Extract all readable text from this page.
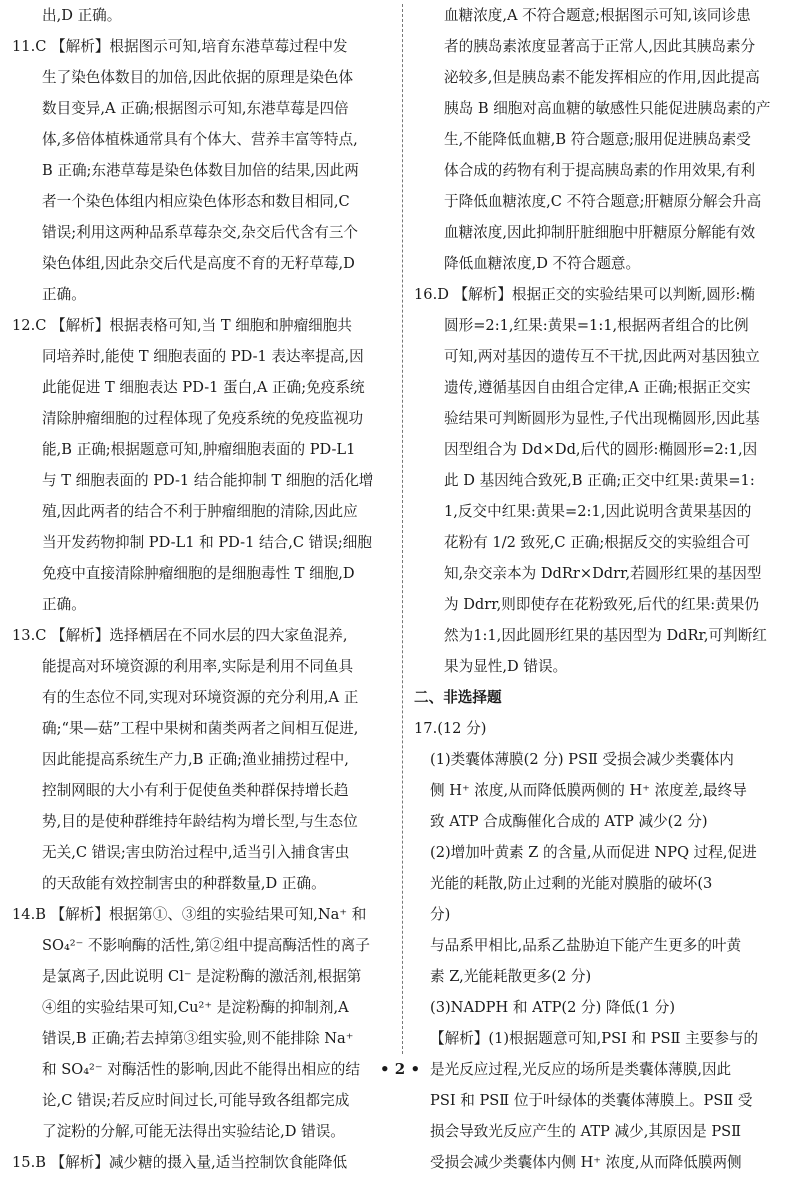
出,D 正确。
11.C 【解析】根据图示可知,培育东港草莓过程中发
生了染色体数目的加倍,因此依据的原理是染色体
数目变异,A 正确;根据图示可知,东港草莓是四倍
体,多倍体植株通常具有个体大、营养丰富等特点,
B 正确;东港草莓是染色体数目加倍的结果,因此两
者一个染色体组内相应染色体形态和数目相同,C
错误;利用这两种品系草莓杂交,杂交后代含有三个
染色体组,因此杂交后代是高度不育的无籽草莓,D
正确。
12.C 【解析】根据表格可知,当 T 细胞和肿瘤细胞共
同培养时,能使 T 细胞表面的 PD-1 表达率提高,因
此能促进 T 细胞表达 PD-1 蛋白,A 正确;免疫系统
清除肿瘤细胞的过程体现了免疫系统的免疫监视功
能,B 正确;根据题意可知,肿瘤细胞表面的 PD-L1
与 T 细胞表面的 PD-1 结合能抑制 T 细胞的活化增
殖,因此两者的结合不利于肿瘤细胞的清除,因此应
当开发药物抑制 PD-L1 和 PD-1 结合,C 错误;细胞
免疫中直接清除肿瘤细胞的是细胞毒性 T 细胞,D
正确。
13.C 【解析】选择栖居在不同水层的四大家鱼混养,
能提高对环境资源的利用率,实际是利用不同鱼具
有的生态位不同,实现对环境资源的充分利用,A 正
确;“果—菇”工程中果树和菌类两者之间相互促进,
因此能提高系统生产力,B 正确;渔业捕捞过程中,
控制网眼的大小有利于促使鱼类种群保持增长趋
势,目的是使种群维持年龄结构为增长型,与生态位
无关,C 错误;害虫防治过程中,适当引入捕食害虫
的天敌能有效控制害虫的种群数量,D 正确。
14.B 【解析】根据第①、③组的实验结果可知,Na⁺ 和
SO₄²⁻ 不影响酶的活性,第②组中提高酶活性的离子
是氯离子,因此说明 Cl⁻ 是淀粉酶的激活剂,根据第
④组的实验结果可知,Cu²⁺ 是淀粉酶的抑制剂,A
错误,B 正确;若去掉第③组实验,则不能排除 Na⁺
和 SO₄²⁻ 对酶活性的影响,因此不能得出相应的结
论,C 错误;若反应时间过长,可能导致各组都完成
了淀粉的分解,可能无法得出实验结论,D 错误。
15.B 【解析】减少糖的摄入量,适当控制饮食能降低
血糖浓度,A 不符合题意;根据图示可知,该同诊患
者的胰岛素浓度显著高于正常人,因此其胰岛素分
泌较多,但是胰岛素不能发挥相应的作用,因此提高
胰岛 B 细胞对高血糖的敏感性只能促进胰岛素的产
生,不能降低血糖,B 符合题意;服用促进胰岛素受
体合成的药物有利于提高胰岛素的作用效果,有利
于降低血糖浓度,C 不符合题意;肝糖原分解会升高
血糖浓度,因此抑制肝脏细胞中肝糖原分解能有效
降低血糖浓度,D 不符合题意。
16.D 【解析】根据正交的实验结果可以判断,圆形:椭
圆形=2:1,红果:黄果=1:1,根据两者组合的比例
可知,两对基因的遗传互不干扰,因此两对基因独立
遗传,遵循基因自由组合定律,A 正确;根据正交实
验结果可判断圆形为显性,子代出现椭圆形,因此基
因型组合为 Dd×Dd,后代的圆形:椭圆形=2:1,因
此 D 基因纯合致死,B 正确;正交中红果:黄果=1:
1,反交中红果:黄果=2:1,因此说明含黄果基因的
花粉有 1/2 致死,C 正确;根据反交的实验组合可
知,杂交亲本为 DdRr×Ddrr,若圆形红果的基因型
为 Ddrr,则即使存在花粉致死,后代的红果:黄果仍
然为1:1,因此圆形红果的基因型为 DdRr,可判断红
果为显性,D 错误。
二、非选择题
17.(12 分)
(1)类囊体薄膜(2 分) PSⅡ 受损会减少类囊体内
侧 H⁺ 浓度,从而降低膜两侧的 H⁺ 浓度差,最终导
致 ATP 合成酶催化合成的 ATP 减少(2 分)
(2)增加叶黄素 Z 的含量,从而促进 NPQ 过程,促进
光能的耗散,防止过剩的光能对膜脂的破坏(3
分)
与品系甲相比,品系乙盐胁迫下能产生更多的叶黄
素 Z,光能耗散更多(2 分)
(3)NADPH 和 ATP(2 分) 降低(1 分)
【解析】(1)根据题意可知,PSⅠ 和 PSⅡ 主要参与的
是光反应过程,光反应的场所是类囊体薄膜,因此
PSⅠ 和 PSⅡ 位于叶绿体的类囊体薄膜上。PSⅡ 受
损会导致光反应产生的 ATP 减少,其原因是 PSⅡ
受损会减少类囊体内侧 H⁺ 浓度,从而降低膜两侧
• 2 •
